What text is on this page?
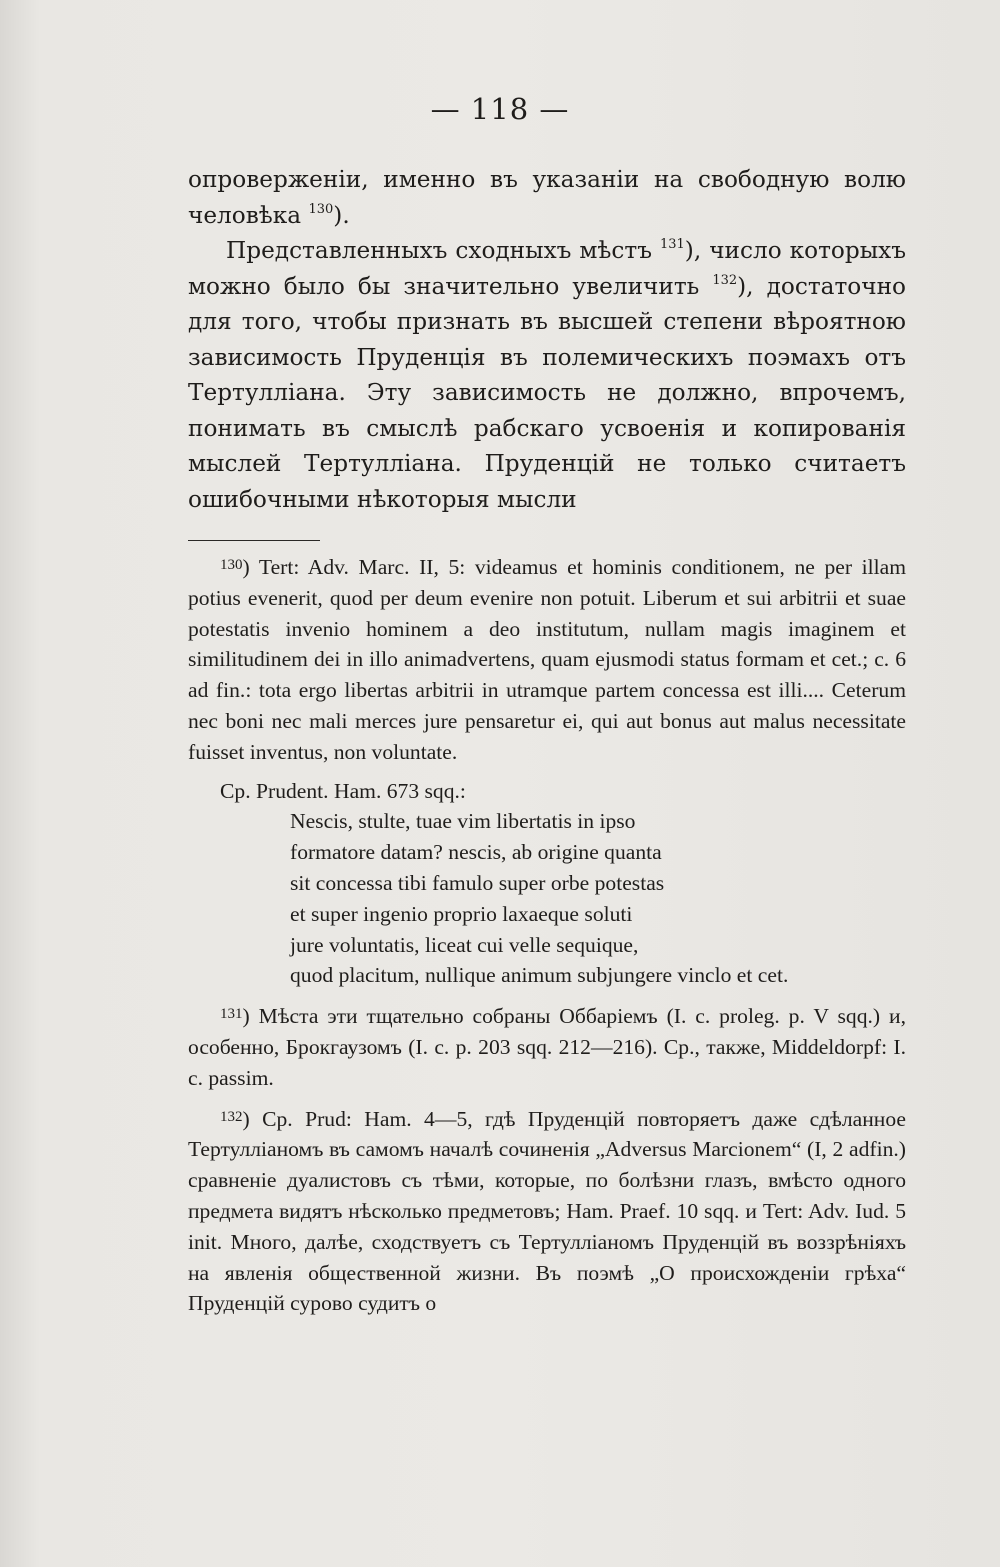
— 118 —

опроверженіи, именно въ указаніи на свободную волю человѣка $^{130}$).

Представленныхъ сходныхъ мѣстъ $^{131}$), число которыхъ можно было бы значительно увеличить $^{132}$), достаточно для того, чтобы признать въ высшей степени вѣроятною зависимость Пруденція въ полемическихъ поэмахъ отъ Тертулліана. Эту зависимость не должно, впрочемъ, понимать въ смыслѣ рабскаго усвоенія и копированія мыслей Тертулліана. Пруденцій не только считаетъ ошибочными нѣкоторыя мысли

$^{130}$) Tert: Adv. Marc. II, 5: videamus et hominis conditionem, ne per illam potius evenerit, quod per deum evenire non potuit. Liberum et sui arbitrii et suae potestatis invenio hominem a deo institutum, nullam magis imaginem et similitudinem dei in illo animadvertens, quam ejusmodi status formam et cet.; c. 6 ad fin.: tota ergo libertas arbitrii in utramque partem concessa est illi.... Ceterum nec boni nec mali merces jure pensaretur ei, qui aut bonus aut malus necessitate fuisset inventus, non voluntate.

Cp. Prudent. Ham. 673 sqq.:

Nescis, stulte, tuae vim libertatis in ipso
formatore datam? nescis, ab origine quanta
sit concessa tibi famulo super orbe potestas
et super ingenio proprio laxaeque soluti
jure voluntatis, liceat cui velle sequique,
quod placitum, nullique animum subjungere vinclo et cet.

$^{131}$) Мѣста эти тщательно собраны Оббаріемъ (I. c. proleg. p. V sqq.) и, особенно, Брокгаузомъ (I. c. p. 203 sqq. 212—216). Cp., также, Middeldorpf: I. c. passim.

$^{132}$) Cp. Prud: Ham. 4—5, гдѣ Пруденцій повторяетъ даже сдѣланное Тертулліаномъ въ самомъ началѣ сочиненія „Adversus Marcionem“ (I, 2 adfin.) сравненіе дуалистовъ съ тѣми, которые, по болѣзни глазъ, вмѣсто одного предмета видятъ нѣсколько предметовъ; Ham. Praef. 10 sqq. и Tert: Adv. Iud. 5 init. Много, далѣе, сходствуетъ съ Тертулліаномъ Пруденцій въ воззрѣніяхъ на явленія общественной жизни. Въ поэмѣ „О происхожденіи грѣха“ Пруденцій сурово судитъ о
